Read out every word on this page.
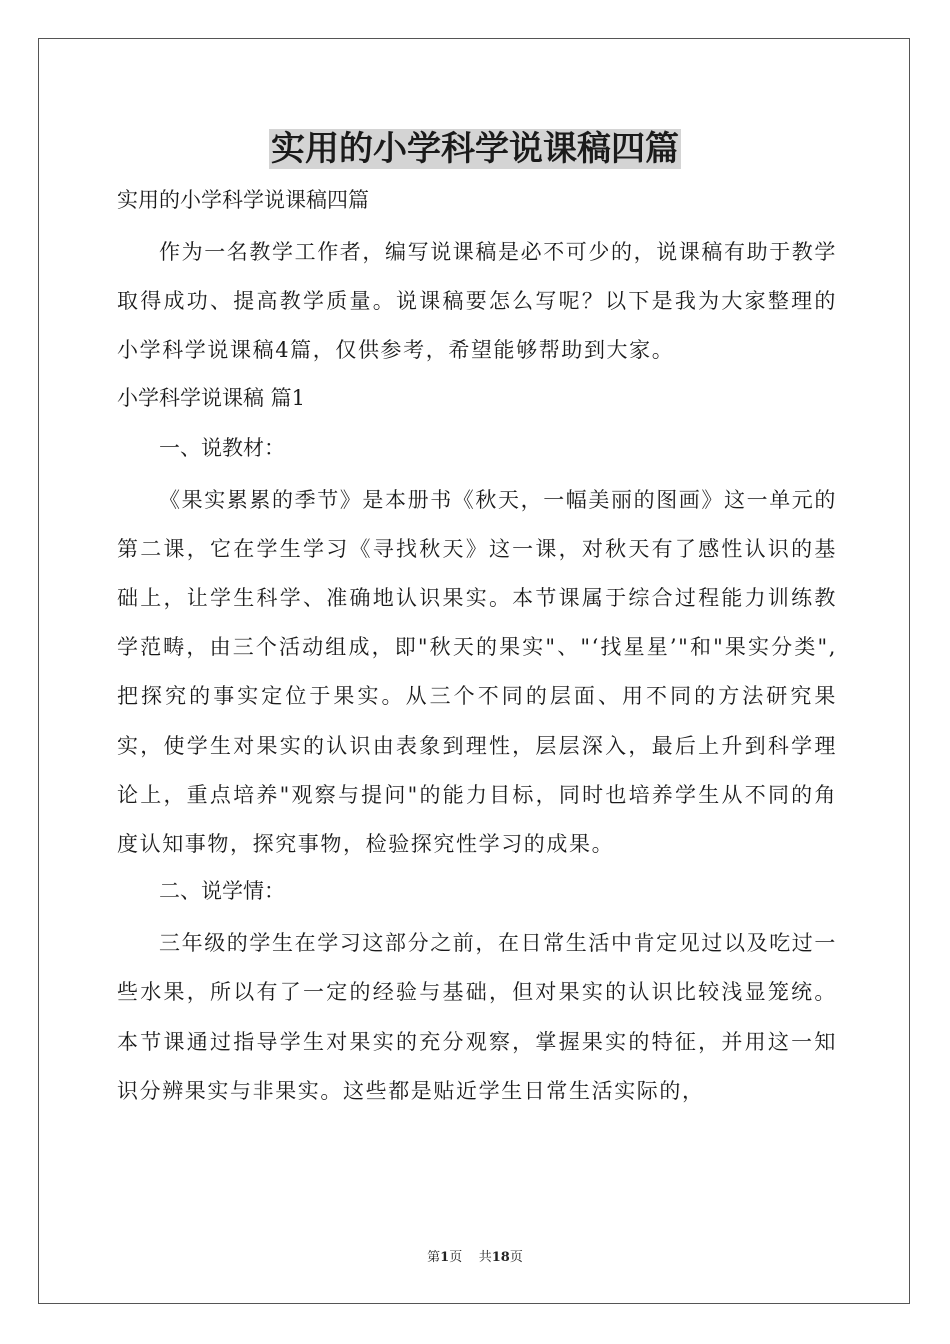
实用的小学科学说课稿四篇
实用的小学科学说课稿四篇

作为一名教学工作者，编写说课稿是必不可少的，说课稿有助于教学取得成功、提高教学质量。说课稿要怎么写呢？以下是我为大家整理的小学科学说课稿4篇，仅供参考，希望能够帮助到大家。

小学科学说课稿 篇1
一、说教材：

《果实累累的季节》是本册书《秋天，一幅美丽的图画》这一单元的第二课，它在学生学习《寻找秋天》这一课，对秋天有了感性认识的基础上，让学生科学、准确地认识果实。本节课属于综合过程能力训练教学范畴，由三个活动组成，即"秋天的果实"、"‘找星星’"和"果实分类",把探究的事实定位于果实。从三个不同的层面、用不同的方法研究果实，使学生对果实的认识由表象到理性，层层深入，最后上升到科学理论上，重点培养"观察与提问"的能力目标，同时也培养学生从不同的角度认知事物，探究事物，检验探究性学习的成果。

二、说学情：

三年级的学生在学习这部分之前，在日常生活中肯定见过以及吃过一些水果，所以有了一定的经验与基础，但对果实的认识比较浅显笼统。本节课通过指导学生对果实的充分观察，掌握果实的特征，并用这一知识分辨果实与非果实。这些都是贴近学生日常生活实际的，

第1页 共18页
